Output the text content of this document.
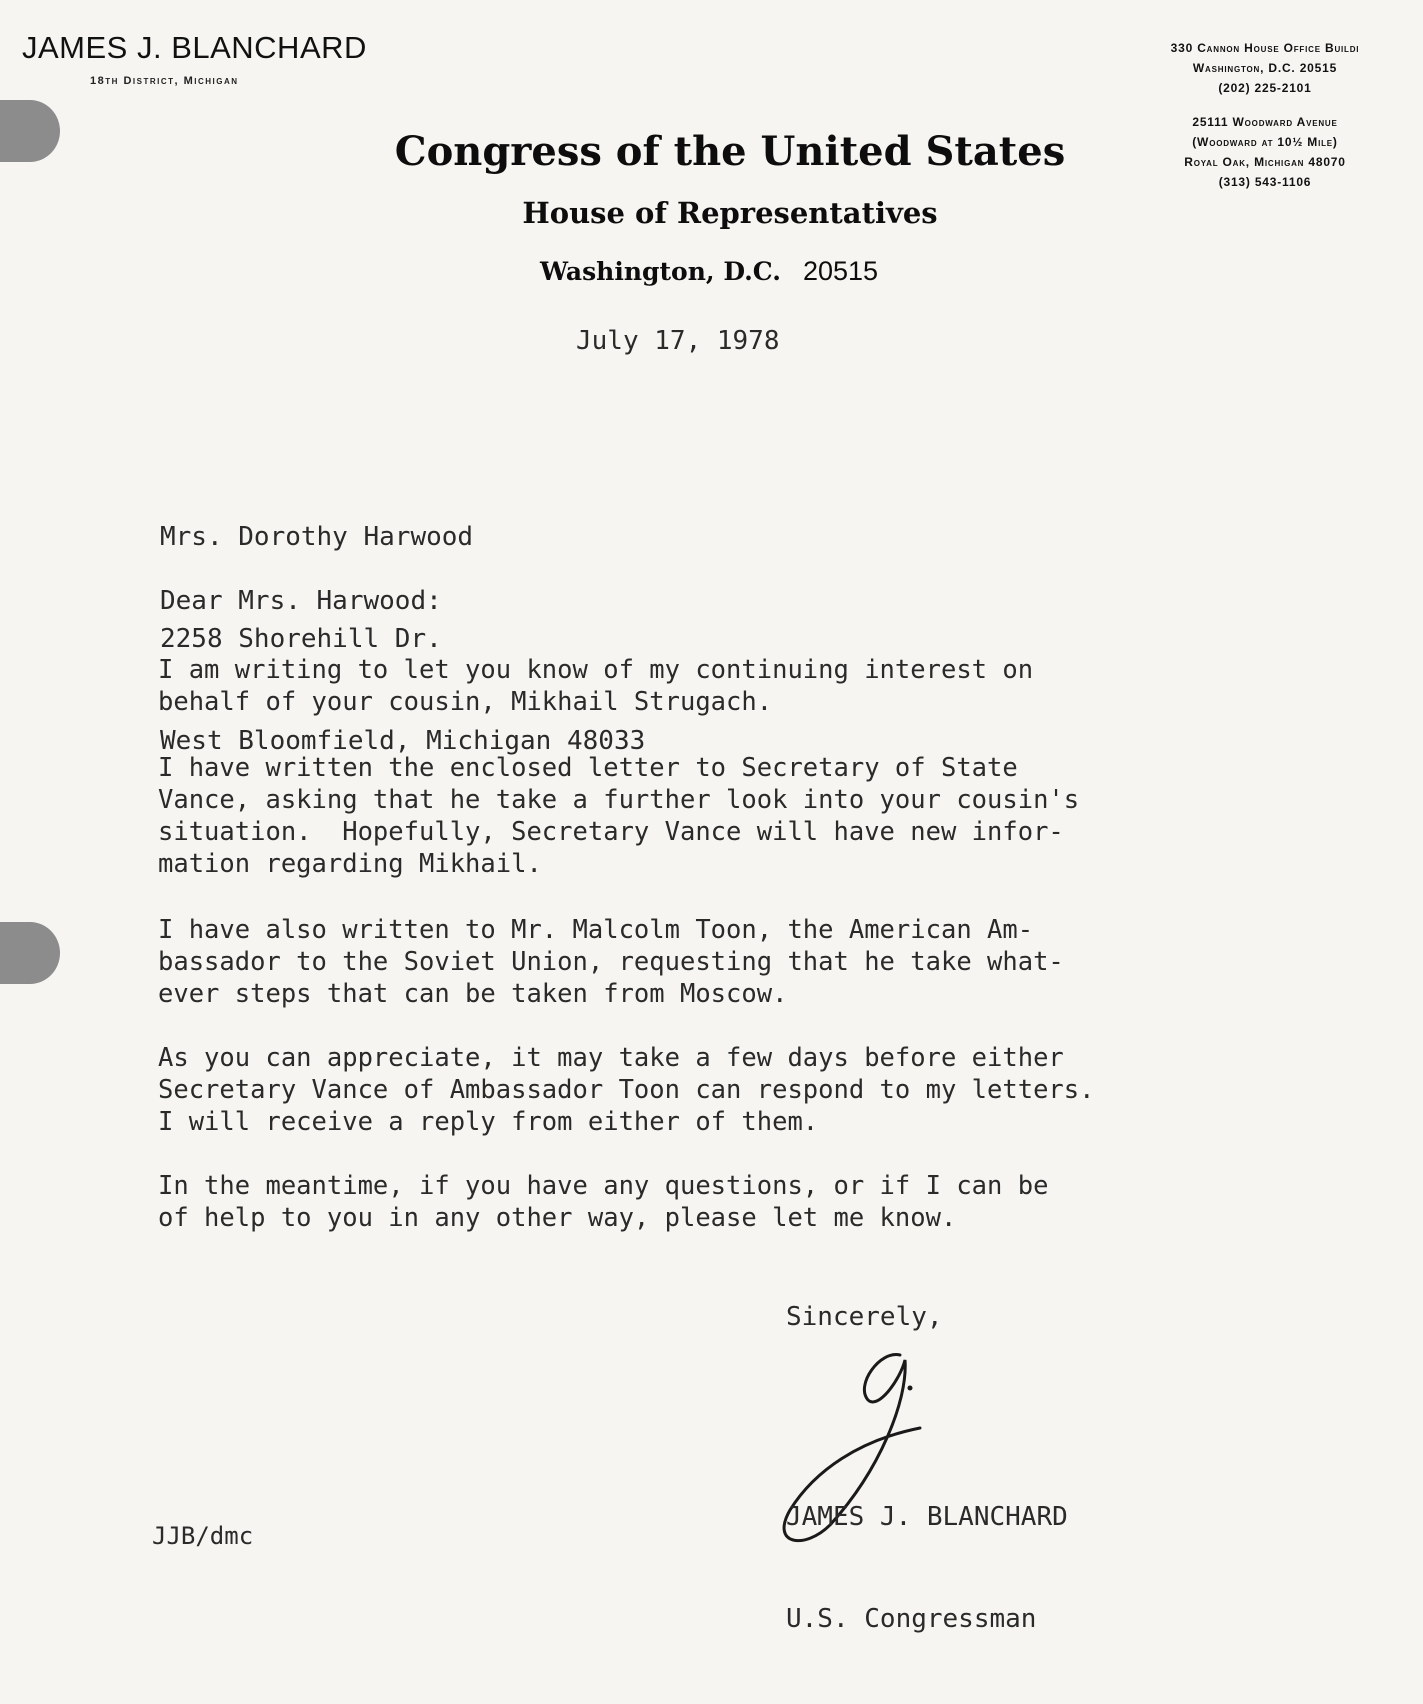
JAMES J. BLANCHARD
18th District, Michigan
330 Cannon House Office Buildi
Washington, D.C. 20515
(202) 225-2101
25111 Woodward Avenue
(Woodward at 10½ Mile)
Royal Oak, Michigan 48070
(313) 543-1106
Congress of the United States
House of Representatives
Washington, D.C. 20515
July 17, 1978

Mrs. Dorothy Harwood

2258 Shorehill Dr.

West Bloomfield, Michigan 48033

Dear Mrs. Harwood:
I am writing to let you know of my continuing interest on
behalf of your cousin, Mikhail Strugach.
I have written the enclosed letter to Secretary of State
Vance, asking that he take a further look into your cousin's
situation.  Hopefully, Secretary Vance will have new infor-
mation regarding Mikhail.
I have also written to Mr. Malcolm Toon, the American Am-
bassador to the Soviet Union, requesting that he take what-
ever steps that can be taken from Moscow.
As you can appreciate, it may take a few days before either
Secretary Vance of Ambassador Toon can respond to my letters.
I will receive a reply from either of them.
In the meantime, if you have any questions, or if I can be
of help to you in any other way, please let me know.
Sincerely,

JAMES J. BLANCHARD

U.S. Congressman

JJB/dmc
